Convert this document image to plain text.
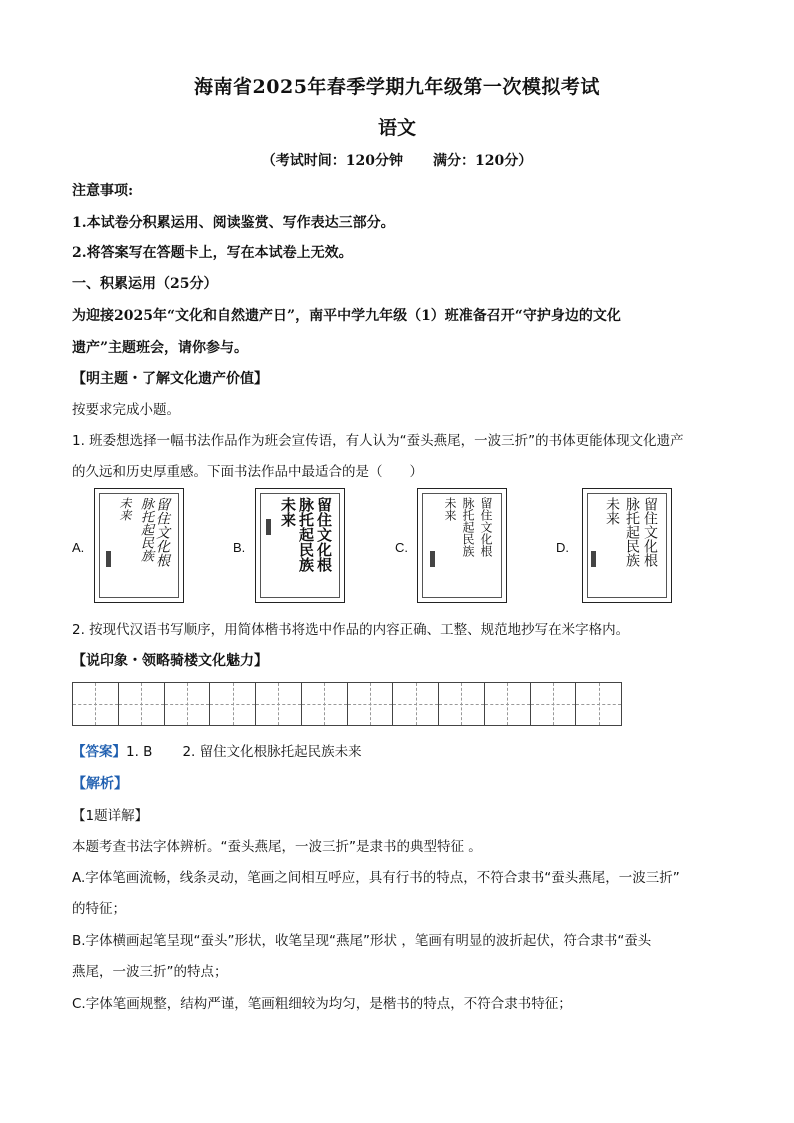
海南省2025年春季学期九年级第一次模拟考试
语文
（考试时间：120分钟 满分：120分）
注意事项:
1.本试卷分积累运用、阅读鉴赏、写作表达三部分。
2.将答案写在答题卡上，写在本试卷上无效。
一、积累运用（25分）
为迎接2025年“文化和自然遗产日”，南平中学九年级（1）班准备召开“守护身边的文化
遗产”主题班会，请你参与。
【明主题・了解文化遗产价值】
按要求完成小题。
1. 班委想选择一幅书法作品作为班会宣传语，有人认为“蚕头燕尾，一波三折”的书体更能体现文化遗产
的久远和历史厚重感。下面书法作品中最适合的是（　　）
A.	留住文化根
脉托起民族
未来
B.	留住文化根
脉托起民族
未来
C.	留住文化根
脉托起民族
未来
D.	留住文化根
脉托起民族
未来
2. 按现代汉语书写顺序，用简体楷书将选中作品的内容正确、工整、规范地抄写在米字格内。
【说印象・领略骑楼文化魅力】
【答案】1. B 2. 留住文化根脉托起民族未来
【解析】
【1题详解】
本题考查书法字体辨析。“蚕头燕尾，一波三折”是隶书的典型特征 。
A.字体笔画流畅，线条灵动，笔画之间相互呼应，具有行书的特点，不符合隶书“蚕头燕尾，一波三折”
的特征；
B.字体横画起笔呈现“蚕头”形状，收笔呈现“燕尾”形状 ，笔画有明显的波折起伏，符合隶书“蚕头
燕尾，一波三折”的特点；
C.字体笔画规整，结构严谨，笔画粗细较为均匀，是楷书的特点，不符合隶书特征；
